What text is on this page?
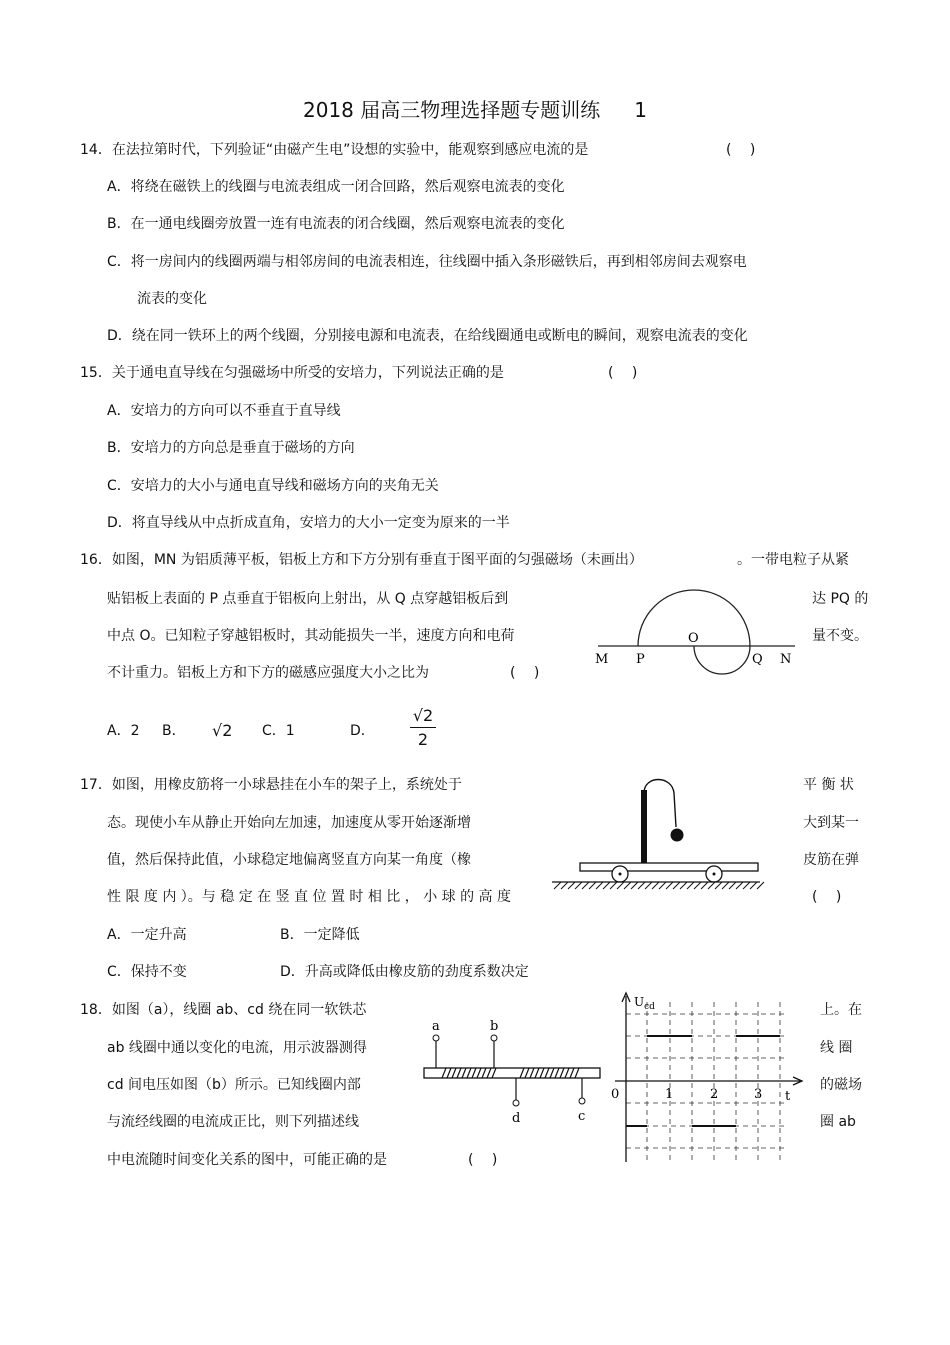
2018 届高三物理选择题专题训练 1
14．在法拉第时代，下列验证“由磁产生电”设想的实验中，能观察到感应电流的是	(　 )
A．将绕在磁铁上的线圈与电流表组成一闭合回路，然后观察电流表的变化
B．在一通电线圈旁放置一连有电流表的闭合线圈，然后观察电流表的变化
C．将一房间内的线圈两端与相邻房间的电流表相连，往线圈中插入条形磁铁后，再到相邻房间去观察电
流表的变化
D．绕在同一铁环上的两个线圈，分别接电源和电流表，在给线圈通电或断电的瞬间，观察电流表的变化
15．关于通电直导线在匀强磁场中所受的安培力，下列说法正确的是	(　 )
A．安培力的方向可以不垂直于直导线
B．安培力的方向总是垂直于磁场的方向
C．安培力的大小与通电直导线和磁场方向的夹角无关
D．将直导线从中点折成直角，安培力的大小一定变为原来的一半
16．如图，MN 为铝质薄平板，铝板上方和下方分别有垂直于图平面的匀强磁场（未画出）	。一带电粒子从紧
贴铝板上表面的 P 点垂直于铝板向上射出，从 Q 点穿越铝板后到	达 PQ 的
中点 O。已知粒子穿越铝板时，其动能损失一半，速度方向和电荷	量不变。
不计重力。铝板上方和下方的磁感应强度大小之比为	(　 )
A．2 B． √2 C．1	D． $\frac{√2}{2}$
M P
O
Q N
17．如图，用橡皮筋将一小球悬挂在小车的架子上，系统处于	平 衡 状
态。现使小车从静止开始向左加速，加速度从零开始逐渐增	大到某一
值，然后保持此值，小球稳定地偏离竖直方向某一角度（橡	皮筋在弹
性 限 度 内 ）。与 稳 定 在 竖 直 位 置 时 相 比 ， 小 球 的 高 度	(　 )
A．一定升高	B．一定降低
C．保持不变	D．升高或降低由橡皮筋的劲度系数决定
18．如图（a），线圈 ab、cd 绕在同一软铁芯	上。在
ab 线圈中通以变化的电流，用示波器测得	线 圈
cd 间电压如图（b）所示。已知线圈内部	的磁场
与流经线圈的电流成正比，则下列描述线	圈 ab
中电流随时间变化关系的图中，可能正确的是	(　 )
a	b
d	c
$U_{cd}$
0	1	2	3 t
